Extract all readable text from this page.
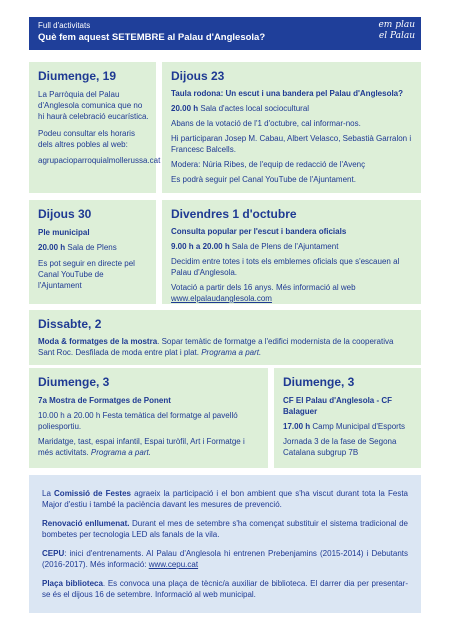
Full d'activitats
Què fem aquest SETEMBRE al Palau d'Anglesola?
em plau
el Palau
Diumenge, 19

La Parròquia del Palau d'Anglesola comunica que no hi haurà celebració eucarística.

Podeu consultar els horaris dels altres pobles al web:

agrupacioparroquialmollerussa.cat

Dijous 23

Taula rodona: Un escut i una bandera pel Palau d'Anglesola?

20.00 h Sala d'actes local sociocultural

Abans de la votació de l'1 d'octubre, cal informar-nos.

Hi participaran Josep M. Cabau, Albert Velasco, Sebastià Garralon i Francesc Balcells.

Modera: Núria Ribes, de l'equip de redacció de l'Avenç

Es podrà seguir pel Canal YouTube de l'Ajuntament.

Dijous 30

Ple municipal

20.00 h Sala de Plens

Es pot seguir en directe pel Canal YouTube de l'Ajuntament

Divendres 1 d'octubre

Consulta popular per l'escut i bandera oficials

9.00 h a 20.00 h Sala de Plens de l'Ajuntament

Decidim entre totes i tots els emblemes oficials que s'escauen al Palau d'Anglesola.

Votació a partir dels 16 anys. Més informació al web

www.elpalaudanglesola.com

Dissabte, 2

Moda & formatges de la mostra. Sopar temàtic de formatge a l'edifici modernista de la cooperativa Sant Roc. Desfilada de moda entre plat i plat. Programa a part.

Diumenge, 3

7a Mostra de Formatges de Ponent

10.00 h a 20.00 h Festa temàtica del formatge al pavelló poliesportiu.

Maridatge, tast, espai infantil, Espai turòfil, Art i Formatge i més activitats. Programa a part.

Diumenge, 3

CF El Palau d'Anglesola - CF Balaguer

17.00 h Camp Municipal d'Esports

Jornada 3 de la fase de Segona Catalana subgrup 7B

La Comissió de Festes agraeix la participació i el bon ambient que s'ha viscut durant tota la Festa Major d'estiu i també la paciència davant les mesures de prevenció.

Renovació enllumenat. Durant el mes de setembre s'ha començat substituir el sistema tradicional de bombetes per tecnologia LED als fanals de la vila.

CEPU: inici d'entrenaments. Al Palau d'Anglesola hi entrenen Prebenjamins (2015-2014) i Debutants (2016-2017). Més informació: www.cepu.cat

Plaça biblioteca. Es convoca una plaça de tècnic/a auxiliar de biblioteca. El darrer dia per presentar-se és el dijous 16 de setembre. Informació al web municipal.
